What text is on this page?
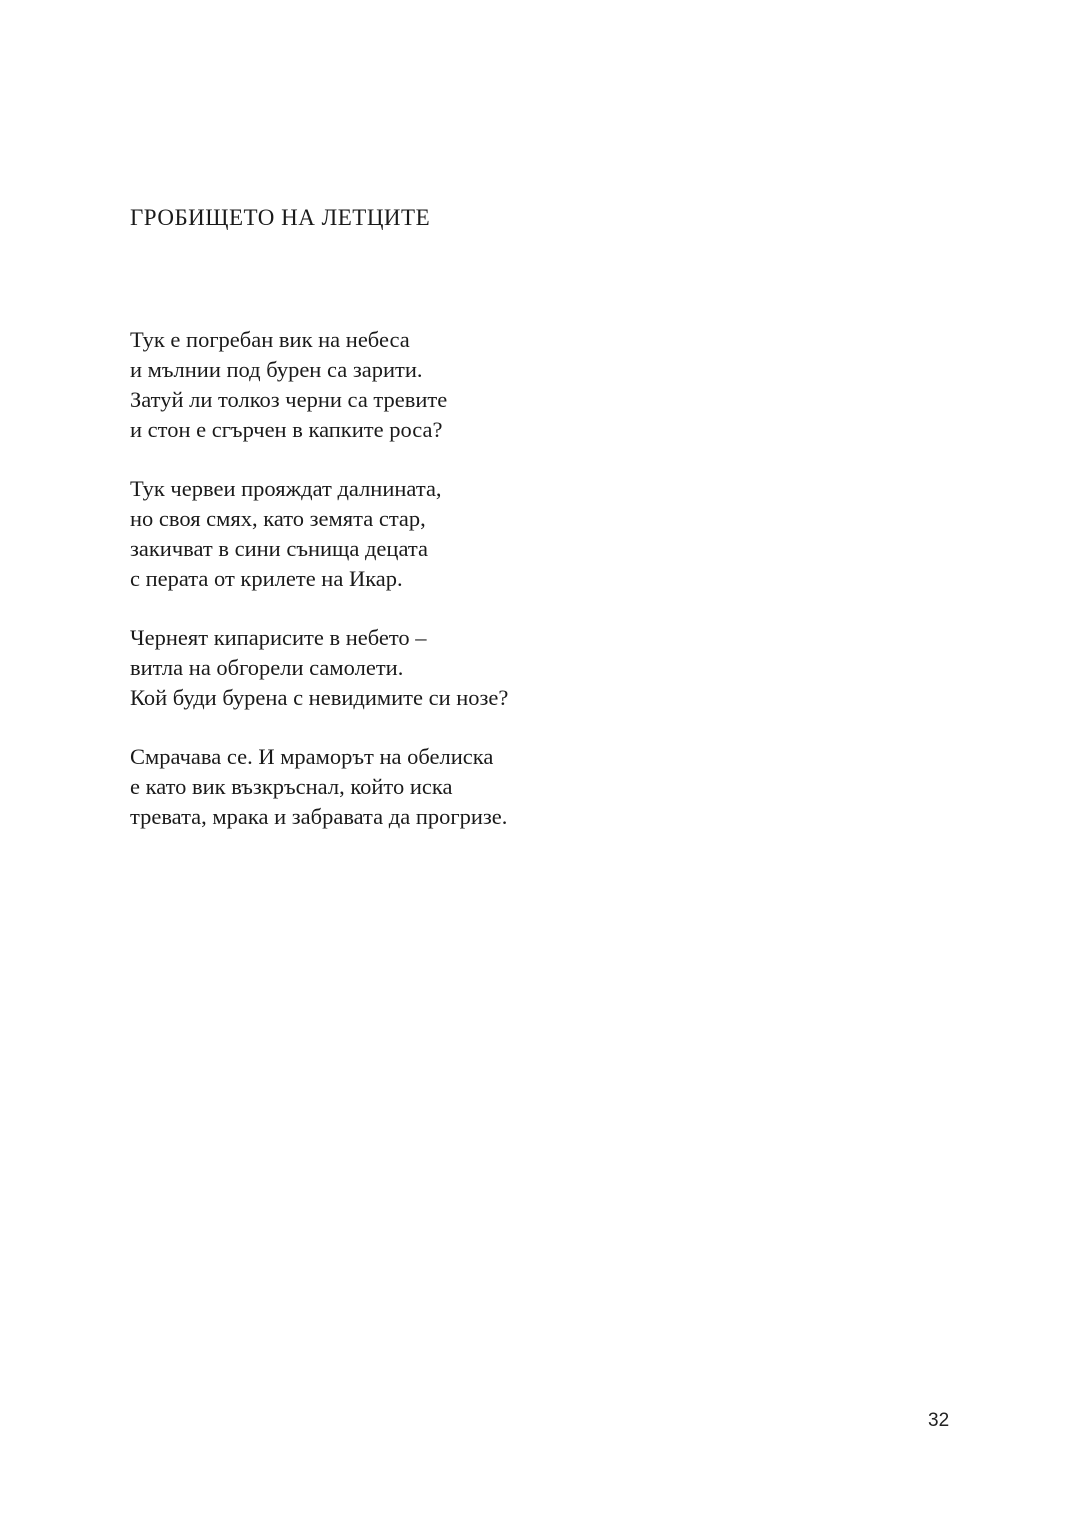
ГРОБИЩЕТО НА ЛЕТЦИТЕ
Тук е погребан вик на небеса
и мълнии под бурен са зарити.
Затуй ли толкоз черни са тревите
и стон е сгърчен в капките роса?
Тук червеи прояждат далнината,
но своя смях, като земята стар,
закичват в сини сънища децата
с перата от крилете на Икар.
Чернеят кипарисите в небето –
витла на обгорели самолети.
Кой буди бурена с невидимите си нозе?
Смрачава се. И мраморът на обелиска
е като вик възкръснал, който иска
тревата, мрака и забравата да прогризе.
32
